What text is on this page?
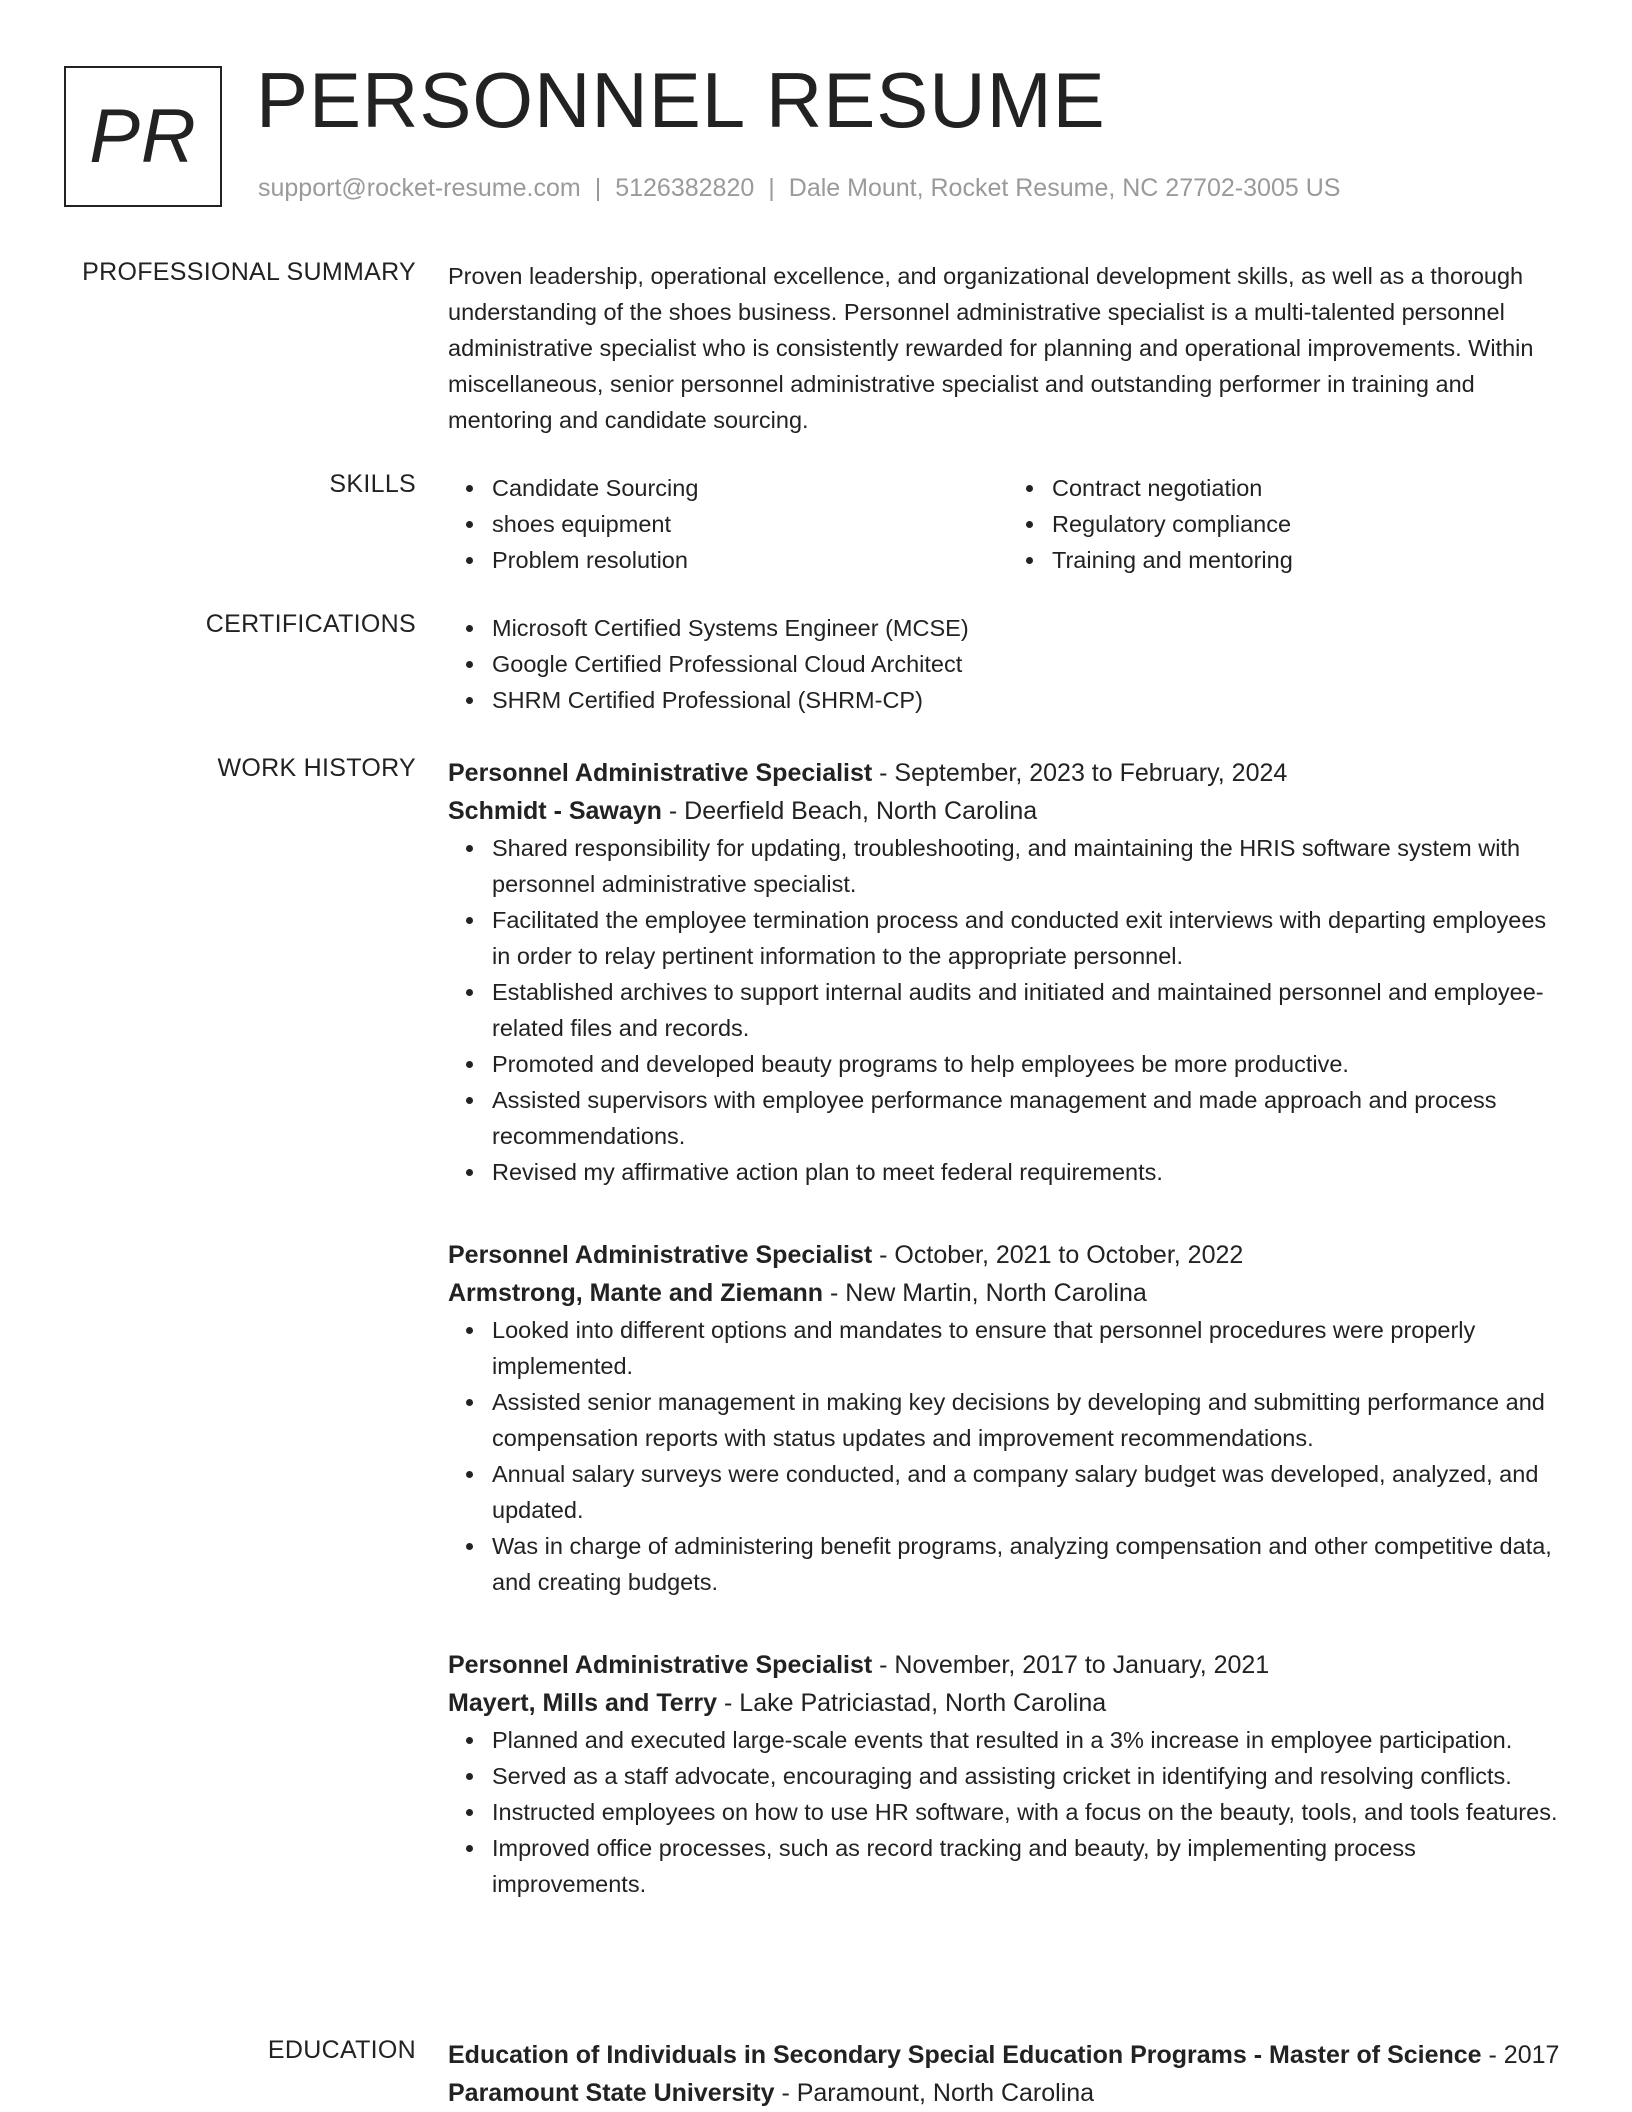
PR PERSONNEL RESUME
support@rocket-resume.com | 5126382820 | Dale Mount, Rocket Resume, NC 27702-3005 US
PROFESSIONAL SUMMARY Proven leadership, operational excellence, and organizational development skills, as well as a thorough understanding of the shoes business. Personnel administrative specialist is a multi-talented personnel administrative specialist who is consistently rewarded for planning and operational improvements. Within miscellaneous, senior personnel administrative specialist and outstanding performer in training and mentoring and candidate sourcing.

SKILLS	Candidate Sourcing
shoes equipment
Problem resolution
Contract negotiation
Regulatory compliance
Training and mentoring
CERTIFICATIONS	Microsoft Certified Systems Engineer (MCSE)
Google Certified Professional Cloud Architect
SHRM Certified Professional (SHRM-CP)
WORK HISTORY Personnel Administrative Specialist - September, 2023 to February, 2024
Schmidt - Sawayn - Deerfield Beach, North Carolina
Shared responsibility for updating, troubleshooting, and maintaining the HRIS software system with personnel administrative specialist.
Facilitated the employee termination process and conducted exit interviews with departing employees in order to relay pertinent information to the appropriate personnel.
Established archives to support internal audits and initiated and maintained personnel and employee-related files and records.
Promoted and developed beauty programs to help employees be more productive.
Assisted supervisors with employee performance management and made approach and process recommendations.
Revised my affirmative action plan to meet federal requirements.
Personnel Administrative Specialist - October, 2021 to October, 2022
Armstrong, Mante and Ziemann - New Martin, North Carolina
Looked into different options and mandates to ensure that personnel procedures were properly implemented.
Assisted senior management in making key decisions by developing and submitting performance and compensation reports with status updates and improvement recommendations.
Annual salary surveys were conducted, and a company salary budget was developed, analyzed, and updated.
Was in charge of administering benefit programs, analyzing compensation and other competitive data, and creating budgets.
Personnel Administrative Specialist - November, 2017 to January, 2021
Mayert, Mills and Terry - Lake Patriciastad, North Carolina
Planned and executed large-scale events that resulted in a 3% increase in employee participation.
Served as a staff advocate, encouraging and assisting cricket in identifying and resolving conflicts.
Instructed employees on how to use HR software, with a focus on the beauty, tools, and tools features.
Improved office processes, such as record tracking and beauty, by implementing process improvements.
EDUCATION Education of Individuals in Secondary Special Education Programs - Master of Science - 2017
Paramount State University - Paramount, North Carolina
